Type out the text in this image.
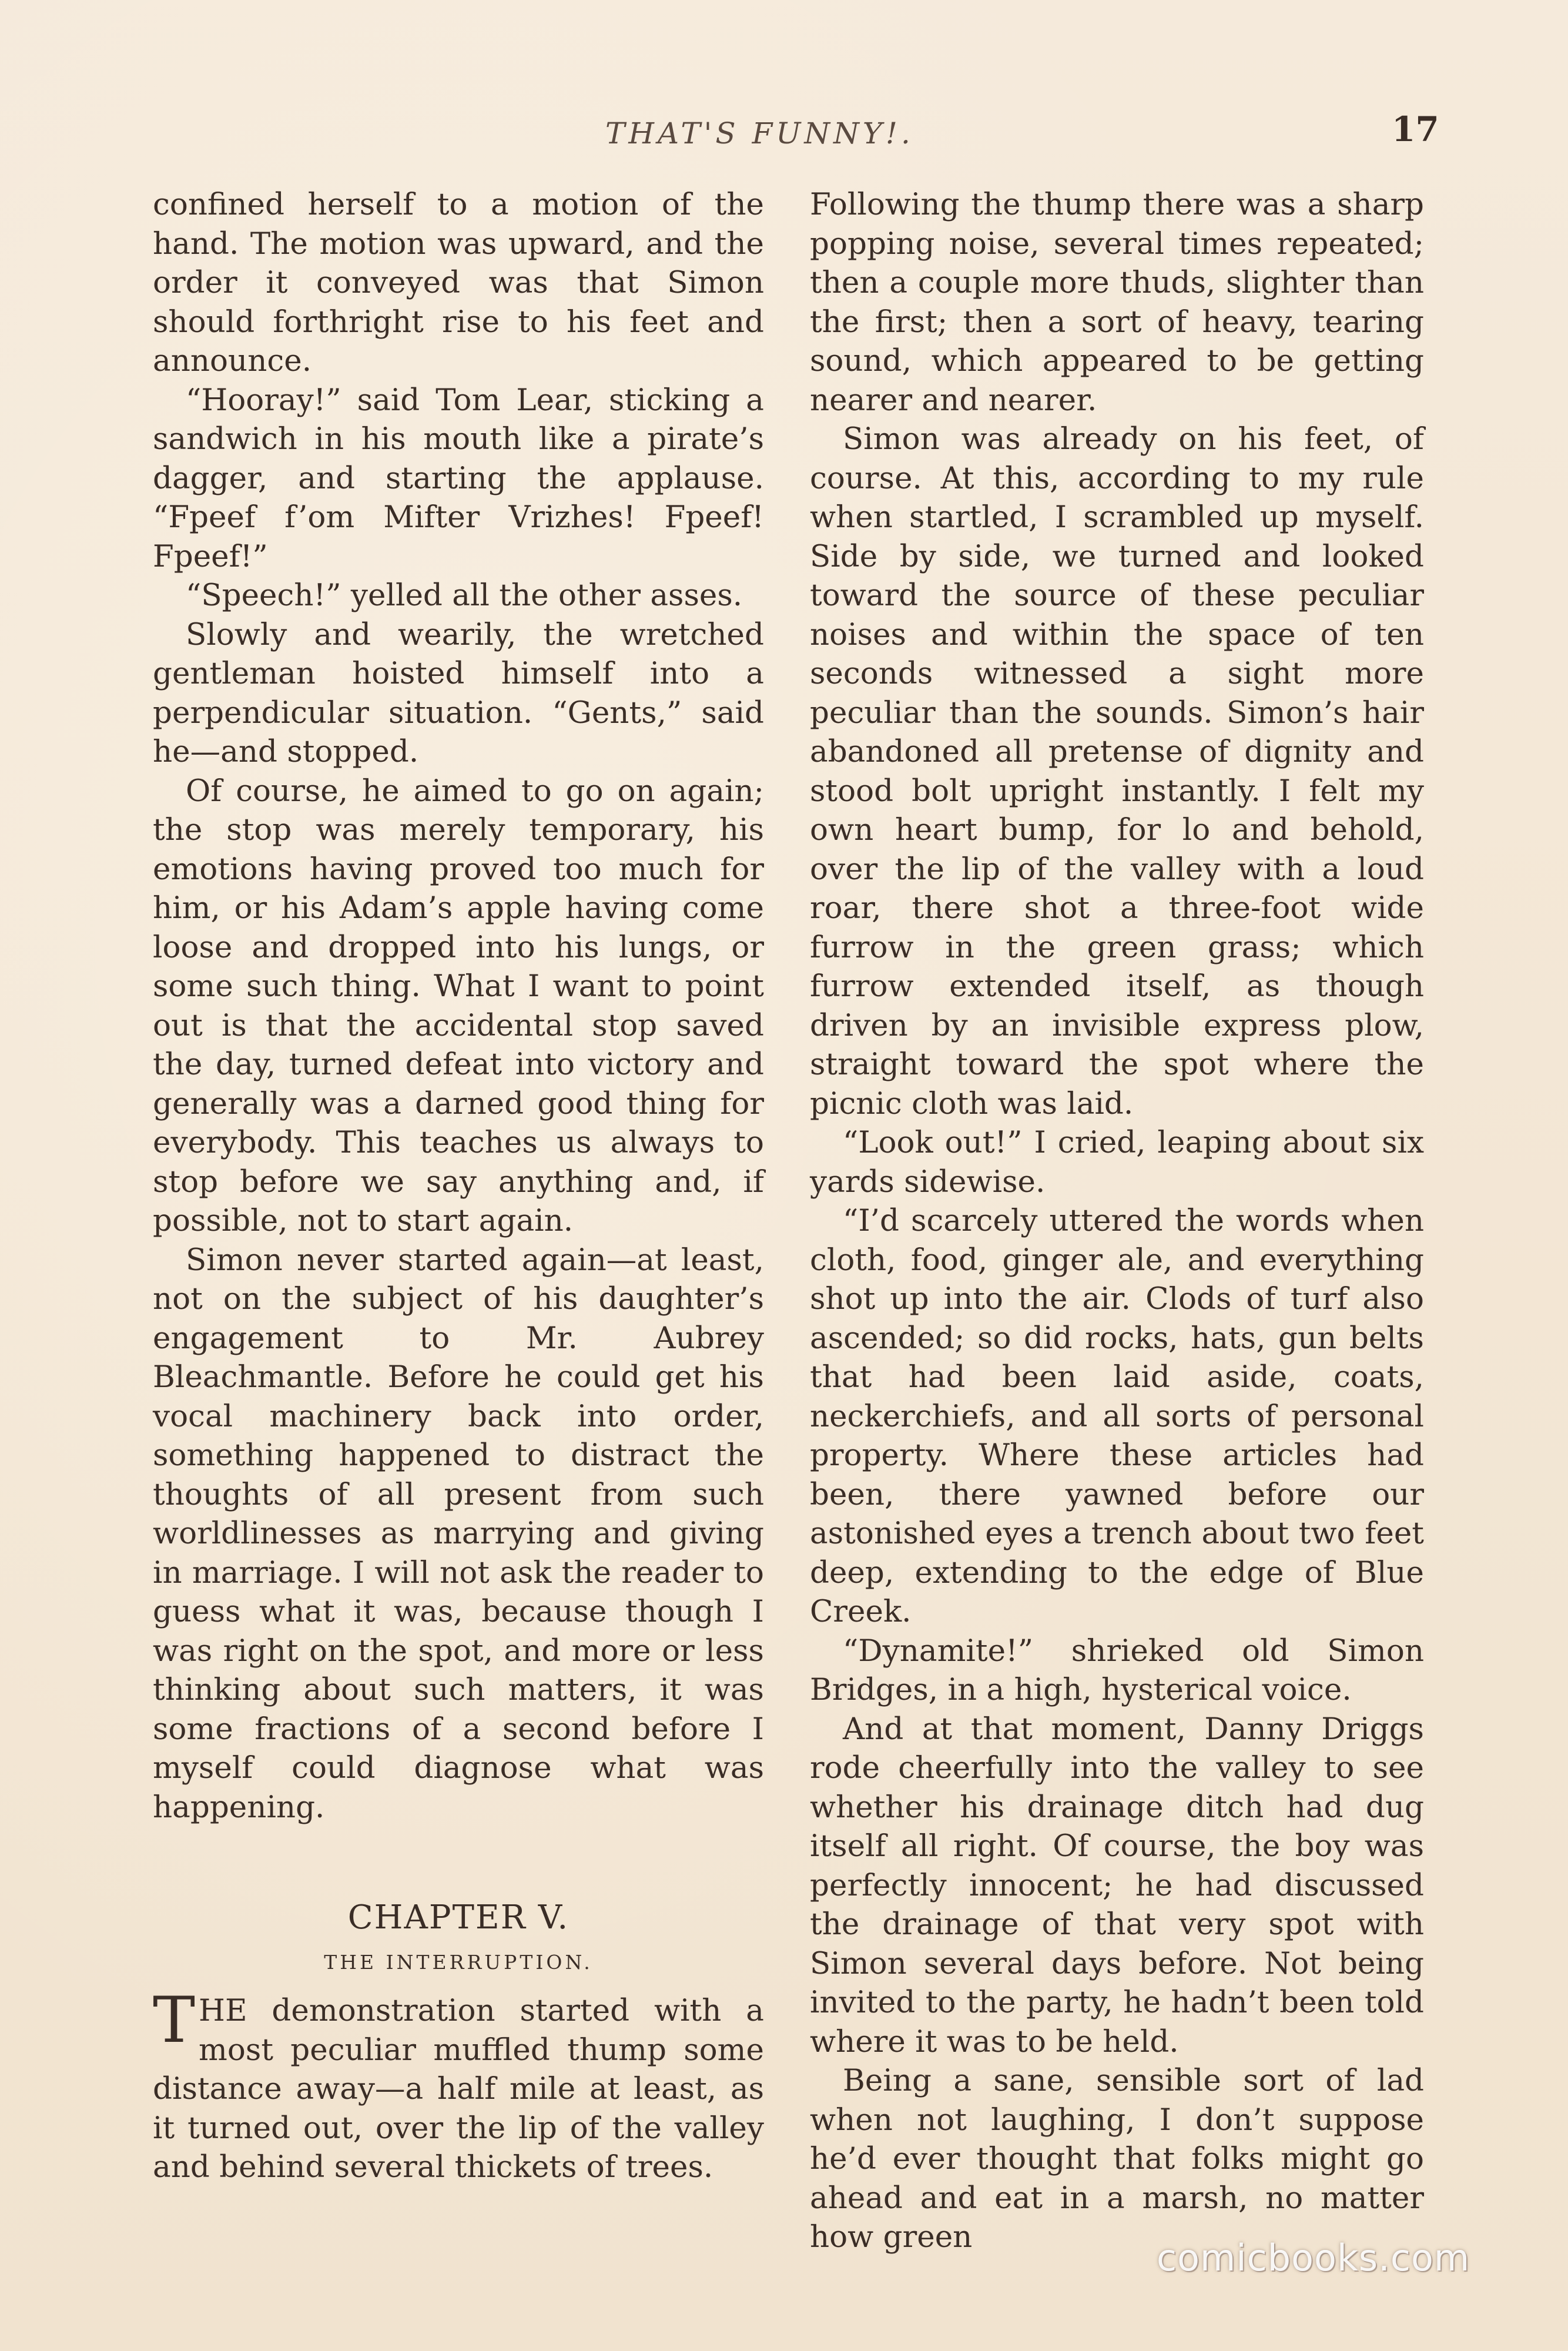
THAT'S FUNNY!.	17

confined herself to a motion of the hand. The motion was upward, and the order it conveyed was that Simon should forthright rise to his feet and announce.

“Hooray!” said Tom Lear, sticking a sandwich in his mouth like a pirate’s dagger, and starting the applause. “Fpeef f’om Mifter Vrizhes! Fpeef! Fpeef!”

“Speech!” yelled all the other asses.

Slowly and wearily, the wretched gentleman hoisted himself into a perpendicular situation. “Gents,” said he—and stopped.

Of course, he aimed to go on again; the stop was merely temporary, his emotions having proved too much for him, or his Adam’s apple having come loose and dropped into his lungs, or some such thing. What I want to point out is that the accidental stop saved the day, turned defeat into victory and generally was a darned good thing for everybody. This teaches us always to stop before we say anything and, if possible, not to start again.

Simon never started again—at least, not on the subject of his daughter’s engagement to Mr. Aubrey Bleachmantle. Before he could get his vocal machinery back into order, something happened to distract the thoughts of all present from such worldlinesses as marrying and giving in marriage. I will not ask the reader to guess what it was, because though I was right on the spot, and more or less thinking about such matters, it was some fractions of a second before I myself could diagnose what was happening.

CHAPTER V.
THE INTERRUPTION.

THE demonstration started with a most peculiar muffled thump some distance away—a half mile at least, as it turned out, over the lip of the valley and behind several thickets of trees.

Following the thump there was a sharp popping noise, several times repeated; then a couple more thuds, slighter than the first; then a sort of heavy, tearing sound, which appeared to be getting nearer and nearer.

Simon was already on his feet, of course. At this, according to my rule when startled, I scrambled up myself. Side by side, we turned and looked toward the source of these peculiar noises and within the space of ten seconds witnessed a sight more peculiar than the sounds. Simon’s hair abandoned all pretense of dignity and stood bolt upright instantly. I felt my own heart bump, for lo and behold, over the lip of the valley with a loud roar, there shot a three-foot wide furrow in the green grass; which furrow extended itself, as though driven by an invisible express plow, straight toward the spot where the picnic cloth was laid.

“Look out!” I cried, leaping about six yards sidewise.

“I’d scarcely uttered the words when cloth, food, ginger ale, and everything shot up into the air. Clods of turf also ascended; so did rocks, hats, gun belts that had been laid aside, coats, neckerchiefs, and all sorts of personal property. Where these articles had been, there yawned before our astonished eyes a trench about two feet deep, extending to the edge of Blue Creek.

“Dynamite!” shrieked old Simon Bridges, in a high, hysterical voice.

And at that moment, Danny Driggs rode cheerfully into the valley to see whether his drainage ditch had dug itself all right. Of course, the boy was perfectly innocent; he had discussed the drainage of that very spot with Simon several days before. Not being invited to the party, he hadn’t been told where it was to be held.

Being a sane, sensible sort of lad when not laughing, I don’t suppose he’d ever thought that folks might go ahead and eat in a marsh, no matter how green	comicbooks.com
